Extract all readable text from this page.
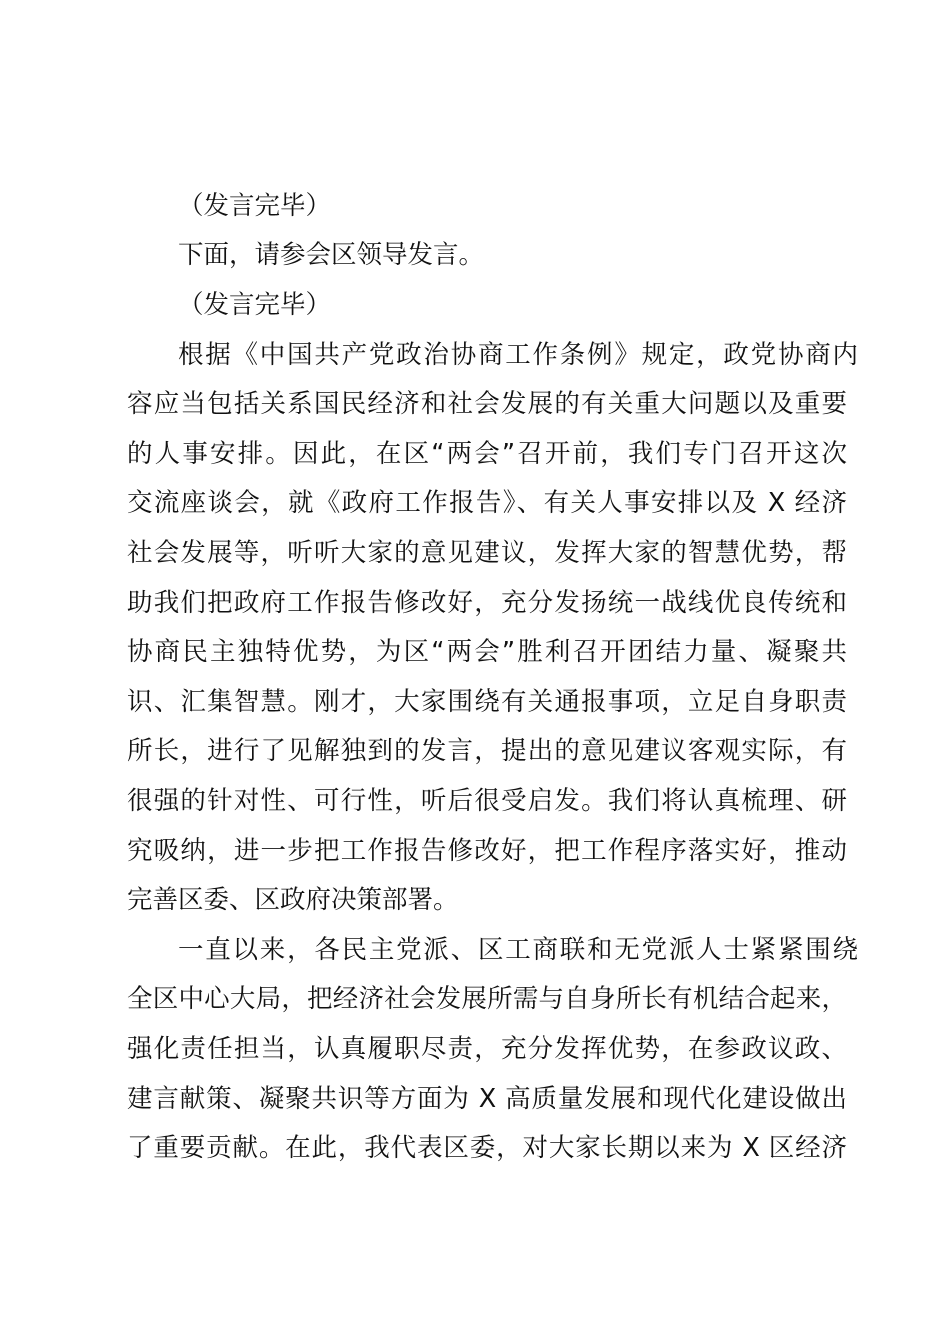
（发言完毕）
下面，请参会区领导发言。
（发言完毕）
根据《中国共产党政治协商工作条例》规定，政党协商内
容应当包括关系国民经济和社会发展的有关重大问题以及重要
的人事安排。因此，在区“两会”召开前，我们专门召开这次
交流座谈会，就《政府工作报告》、有关人事安排以及 X 经济
社会发展等，听听大家的意见建议，发挥大家的智慧优势，帮
助我们把政府工作报告修改好，充分发扬统一战线优良传统和
协商民主独特优势，为区“两会”胜利召开团结力量、凝聚共
识、汇集智慧。刚才，大家围绕有关通报事项，立足自身职责
所长，进行了见解独到的发言，提出的意见建议客观实际，有
很强的针对性、可行性，听后很受启发。我们将认真梳理、研
究吸纳，进一步把工作报告修改好，把工作程序落实好，推动
完善区委、区政府决策部署。
一直以来，各民主党派、区工商联和无党派人士紧紧围绕
全区中心大局，把经济社会发展所需与自身所长有机结合起来，
强化责任担当，认真履职尽责，充分发挥优势，在参政议政、
建言献策、凝聚共识等方面为 X 高质量发展和现代化建设做出
了重要贡献。在此，我代表区委，对大家长期以来为 X 区经济
